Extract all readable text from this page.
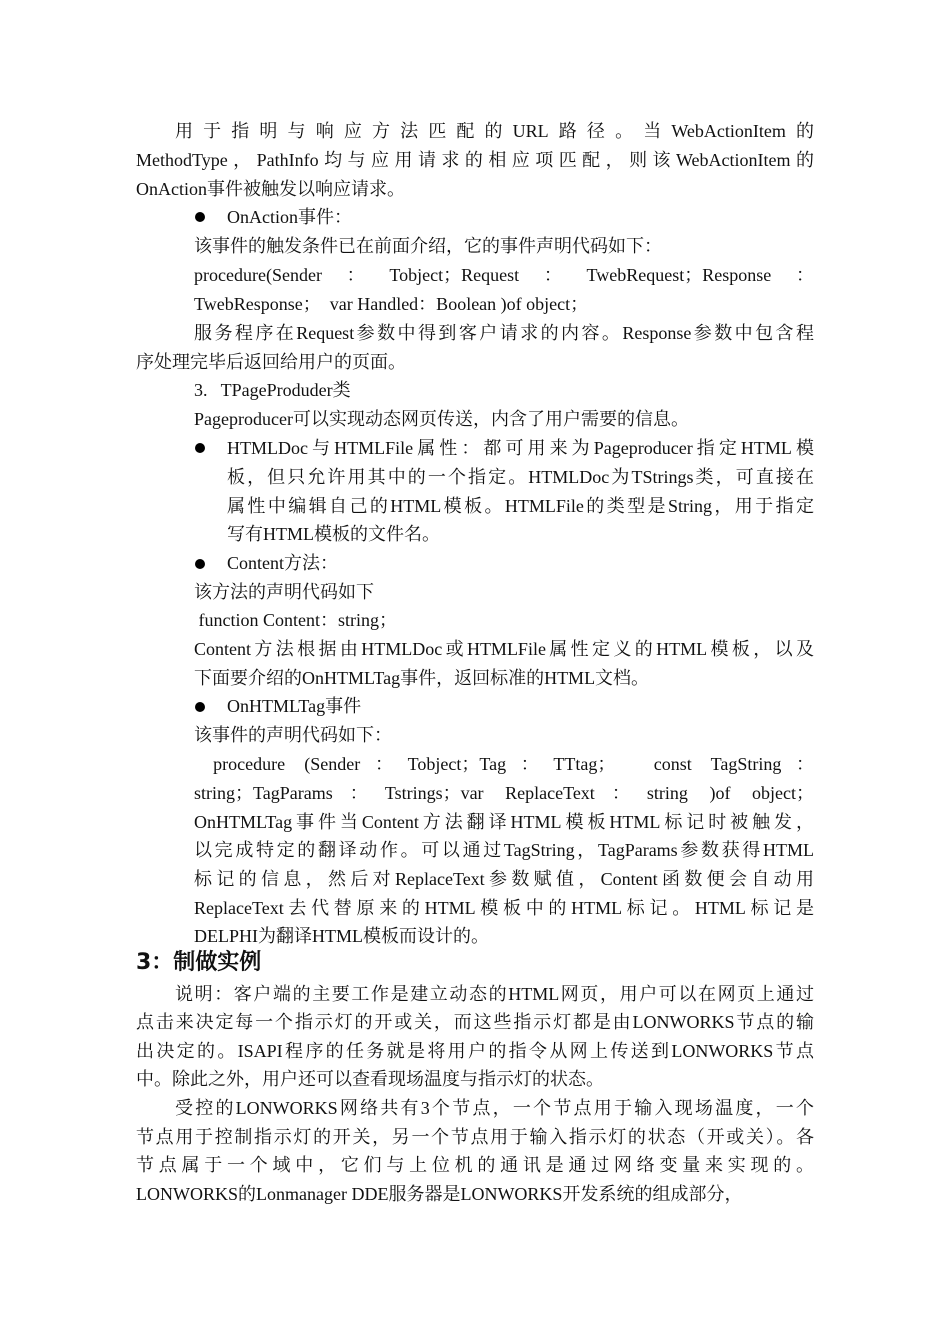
用于指明与响应方法匹配的URL路径。当WebActionItem的
MethodType，PathInfo均与应用请求的相应项匹配，则该WebActionItem的
OnAction事件被触发以响应请求。
OnAction事件：
该事件的触发条件已在前面介绍，它的事件声明代码如下：
procedure(Sender：Tobject；Request：TwebRequest；Response：
TwebResponse；  var Handled：Boolean )of object；
服务程序在Request参数中得到客户请求的内容。Response参数中包含程
序处理完毕后返回给用户的页面。
3.   TPageProduder类
Pageproducer可以实现动态网页传送，内含了用户需要的信息。
HTMLDoc与HTMLFile属性：都可用来为Pageproducer指定HTML模
板，但只允许用其中的一个指定。HTMLDoc为TStrings类，可直接在
属性中编辑自己的HTML模板。HTMLFile的类型是String，用于指定
写有HTML模板的文件名。
Content方法：
该方法的声明代码如下
function Content：string；
Content方法根据由HTMLDoc或HTMLFile属性定义的HTML模板，以及
下面要介绍的OnHTMLTag事件，返回标准的HTML文档。
OnHTMLTag事件
该事件的声明代码如下：
procedure (Sender：Tobject；Tag：TTtag；  const TagString：
string；TagParams：Tstrings；var ReplaceText：string )of object；
OnHTMLTag事件当Content方法翻译HTML模板HTML标记时被触发，
以完成特定的翻译动作。可以通过TagString，TagParams参数获得HTML
标记的信息，然后对ReplaceText参数赋值，Content函数便会自动用
ReplaceText去代替原来的HTML模板中的HTML标记。HTML标记是
DELPHI为翻译HTML模板而设计的。
3：制做实例
说明：客户端的主要工作是建立动态的HTML网页，用户可以在网页上通过
点击来决定每一个指示灯的开或关，而这些指示灯都是由LONWORKS节点的输
出决定的。ISAPI程序的任务就是将用户的指令从网上传送到LONWORKS节点
中。除此之外，用户还可以查看现场温度与指示灯的状态。
受控的LONWORKS网络共有3个节点，一个节点用于输入现场温度，一个
节点用于控制指示灯的开关，另一个节点用于输入指示灯的状态（开或关）。各
节点属于一个域中，它们与上位机的通讯是通过网络变量来实现的。
LONWORKS的Lonmanager DDE服务器是LONWORKS开发系统的组成部分，
